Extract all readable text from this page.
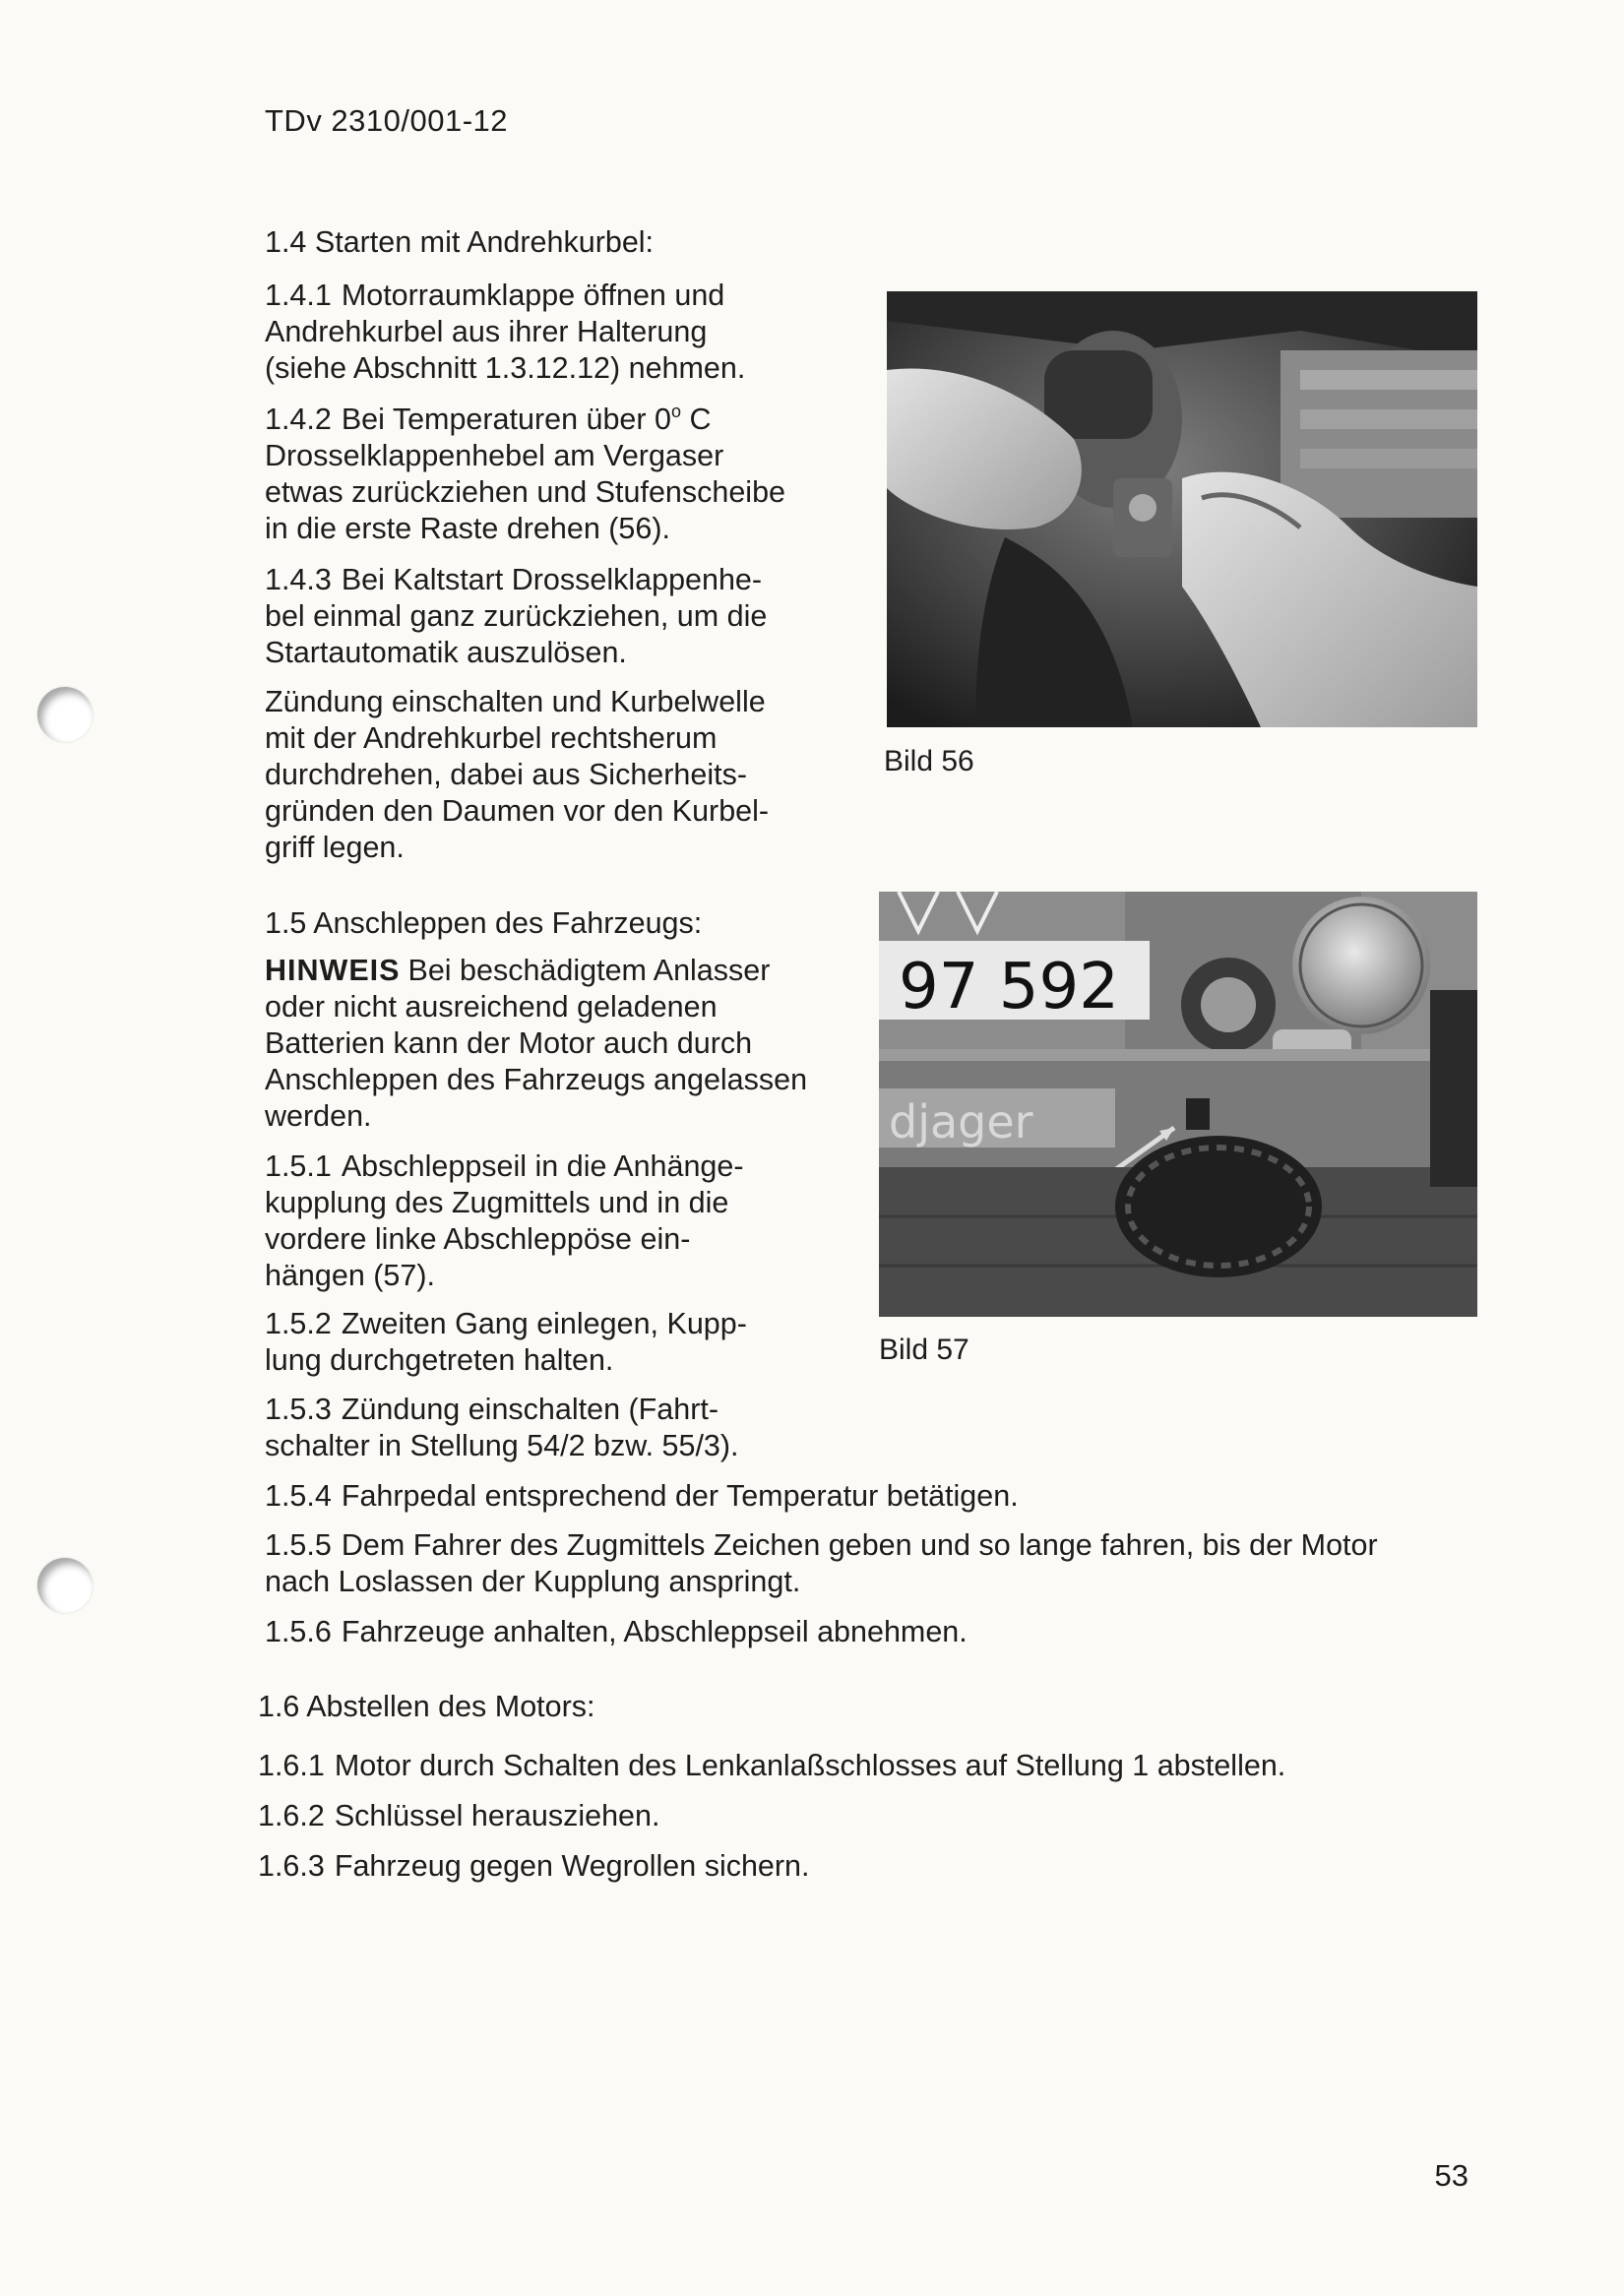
TDv 2310/001-12
1.4 Starten mit Andrehkurbel:

1.4.1 Motorraumklappe öffnen und

Andrehkurbel aus ihrer Halterung

(siehe Abschnitt 1.3.12.12) nehmen.

1.4.2 Bei Temperaturen über 0$^o$ C

Drosselklappenhebel am Vergaser

etwas zurückziehen und Stufenscheibe

in die erste Raste drehen (56).

1.4.3 Bei Kaltstart Drosselklappenhe-

bel einmal ganz zurückziehen, um die

Startautomatik auszulösen.

Zündung einschalten und Kurbelwelle

mit der Andrehkurbel rechtsherum

durchdrehen, dabei aus Sicherheits-

gründen den Daumen vor den Kurbel-

griff legen.

Bild 56
1.5 Anschleppen des Fahrzeugs:

HINWEIS Bei beschädigtem Anlasser

oder nicht ausreichend geladenen

Batterien kann der Motor auch durch

Anschleppen des Fahrzeugs angelassen

werden.

1.5.1 Abschleppseil in die Anhänge-

kupplung des Zugmittels und in die

vordere linke Abschleppöse ein-

hängen (57).

1.5.2 Zweiten Gang einlegen, Kupp-

lung durchgetreten halten.

1.5.3 Zündung einschalten (Fahrt-

schalter in Stellung 54/2 bzw. 55/3).

1.5.4 Fahrpedal entsprechend der Temperatur betätigen.

1.5.5 Dem Fahrer des Zugmittels Zeichen geben und so lange fahren, bis der Motor

nach Loslassen der Kupplung anspringt.

1.5.6 Fahrzeuge anhalten, Abschleppseil abnehmen.

97 592
djager
Bild 57
1.6 Abstellen des Motors:

1.6.1 Motor durch Schalten des Lenkanlaßschlosses auf Stellung 1 abstellen.

1.6.2 Schlüssel herausziehen.

1.6.3 Fahrzeug gegen Wegrollen sichern.

53
